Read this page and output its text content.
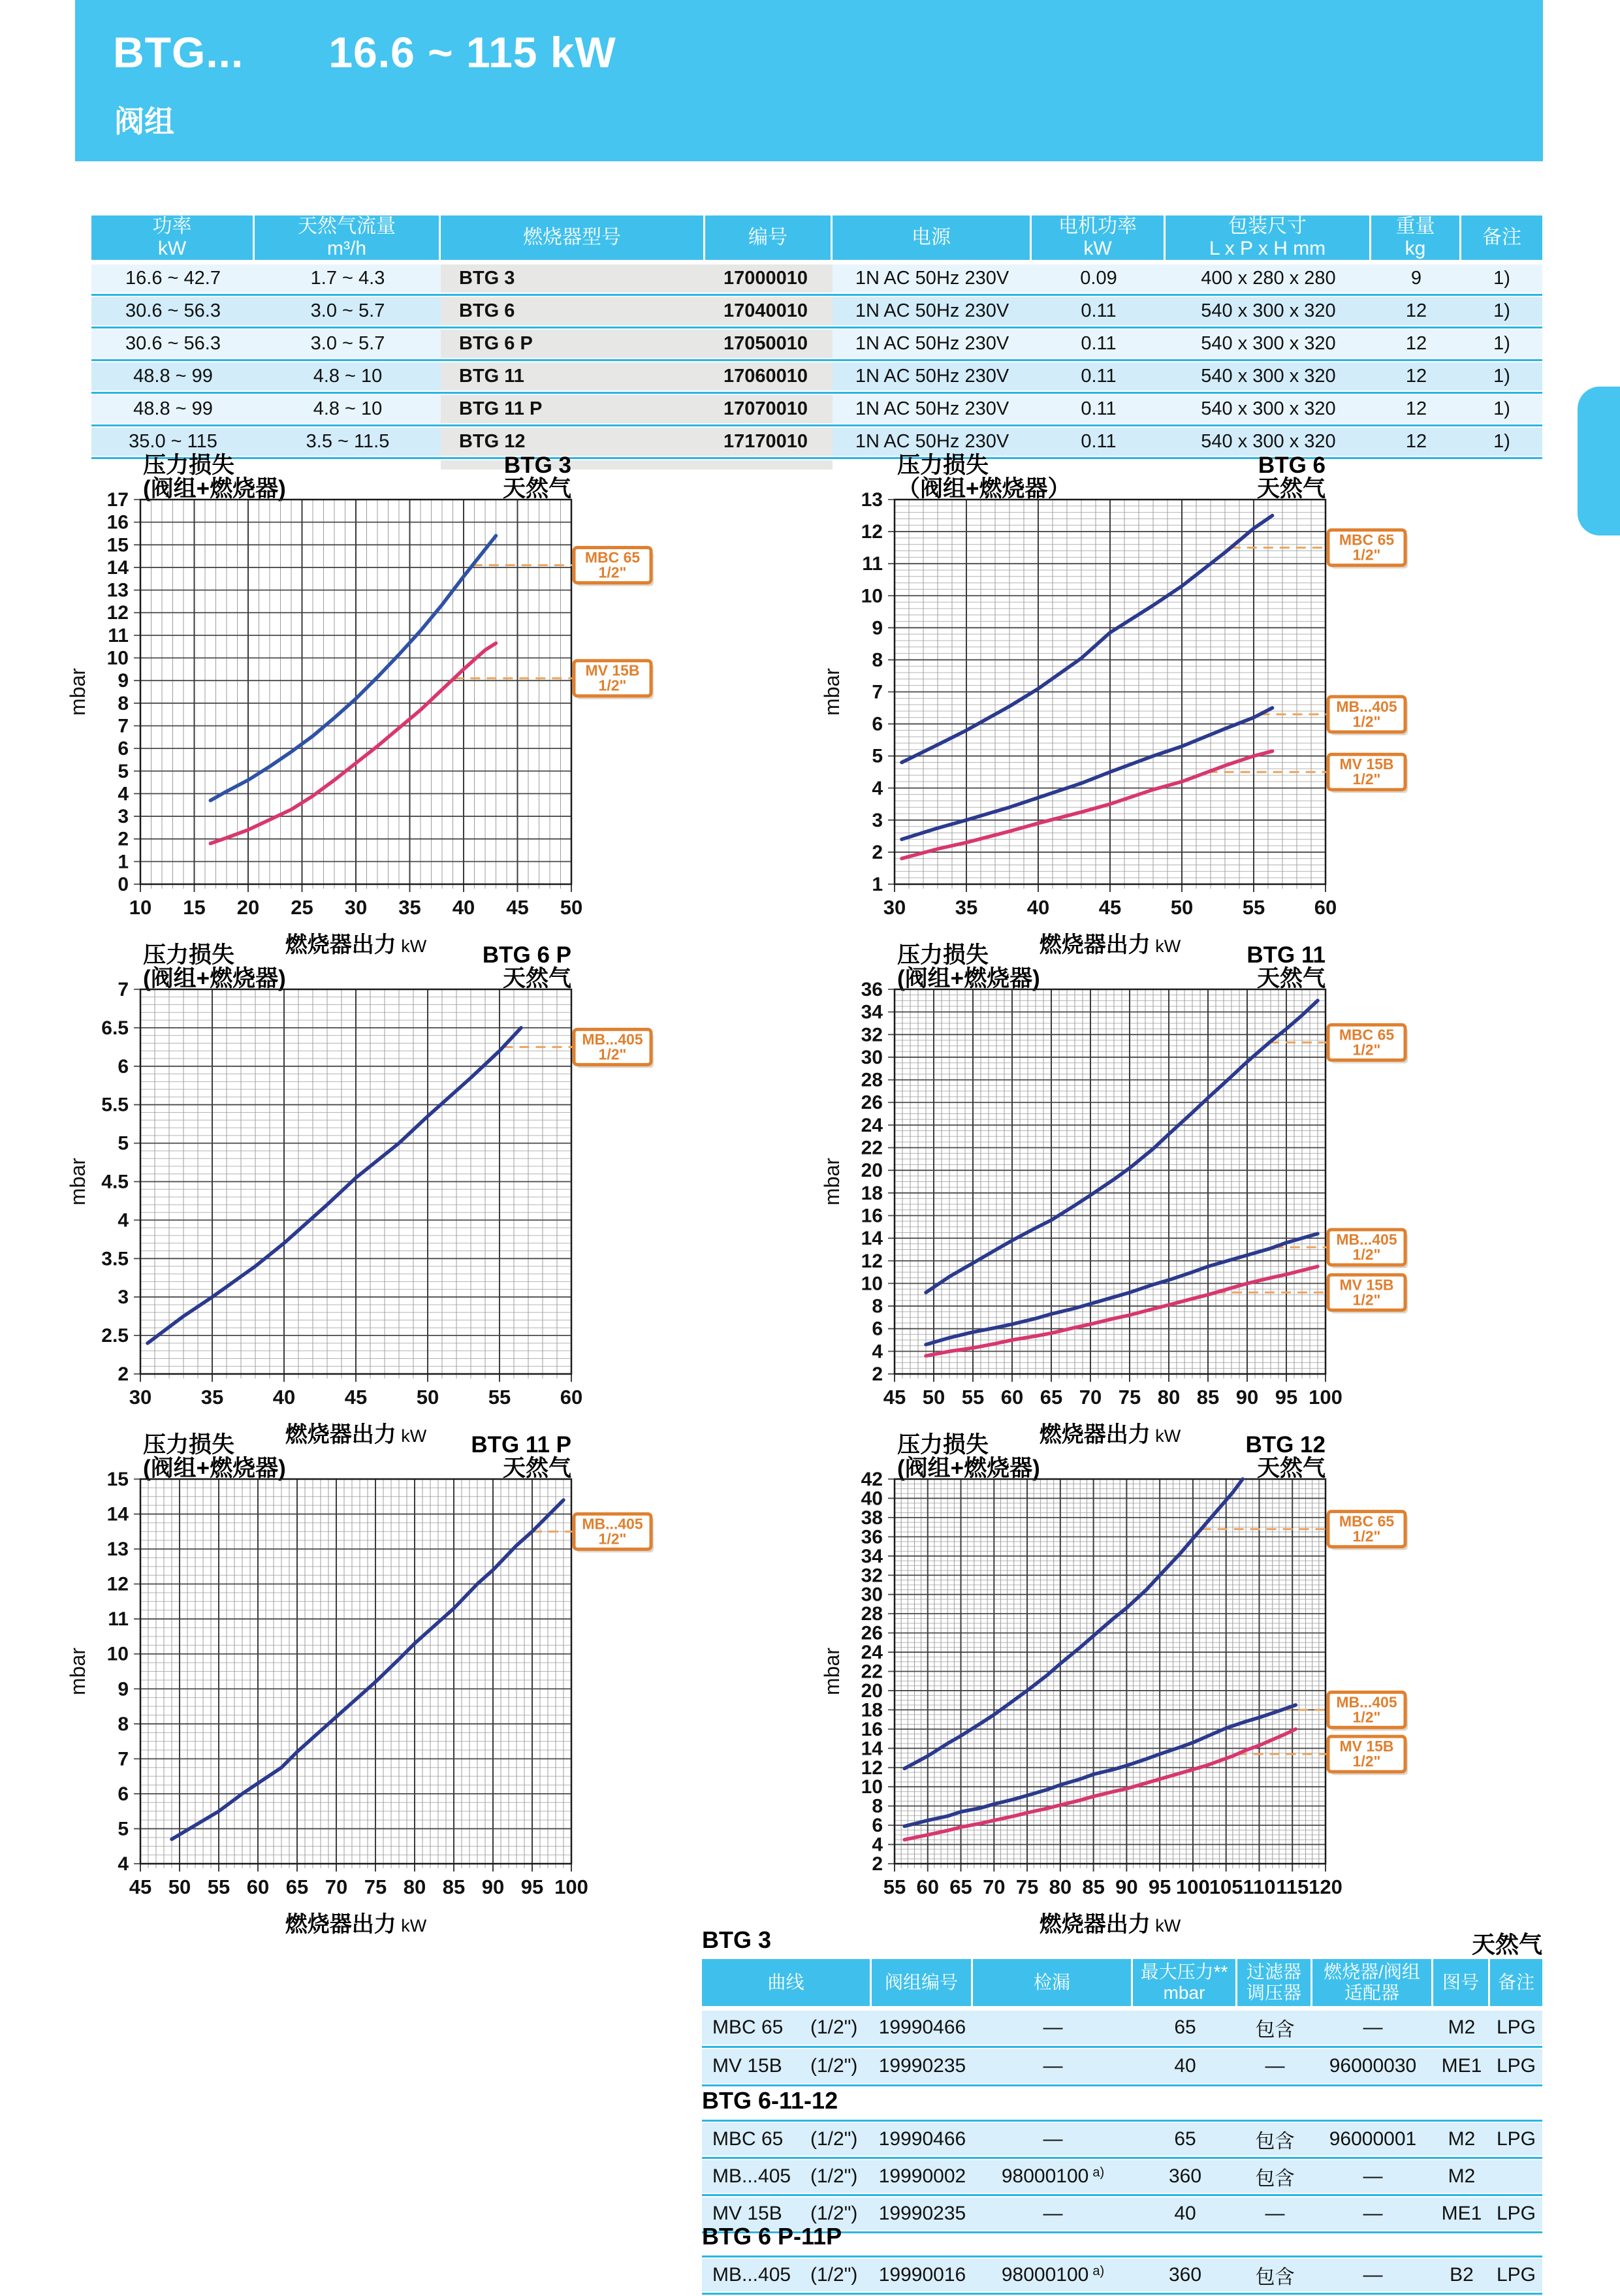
BTG... 16.6 ~ 115 kW
阀组
功率
kW
天然气流量
m³/h
燃烧器型号	编号	电源
电机功率
kW
包装尺寸
L x P x H mm
重量
kg
备注
16.6 ~ 42.7	1.7 ~ 4.3	BTG 3	17000010	1N AC 50Hz 230V	0.09	400 x 280 x 280	9	1)
30.6 ~ 56.3	3.0 ~ 5.7	BTG 6	17040010	1N AC 50Hz 230V	0.11	540 x 300 x 320	12	1)
30.6 ~ 56.3	3.0 ~ 5.7	BTG 6 P	17050010	1N AC 50Hz 230V	0.11	540 x 300 x 320	12	1)
48.8 ~ 99	4.8 ~ 10	BTG 11	17060010	1N AC 50Hz 230V	0.11	540 x 300 x 320	12	1)
48.8 ~ 99	4.8 ~ 10	BTG 11 P	17070010	1N AC 50Hz 230V	0.11	540 x 300 x 320	12	1)
35.0 ~ 115	3.5 ~ 11.5	BTG 12	17170010	1N AC 50Hz 230V	0.11	540 x 300 x 320	12	1)
压力损失
(阀组+燃烧器)
BTG 3
天然气
0
1
2
3
4
5
6
7
8
9
10
11
12
13
14
15
16
17
10 15 20 25 30 35 40 45 50
mbar
燃烧器出力 kW
MBC 65
1/2"
MV 15B
1/2"
压力损失
（阀组+燃烧器）
BTG 6
天然气
1
2
3
4
5
6
7
8
9
10
11
12
13
30 35 40 45 50 55 60
mbar
燃烧器出力 kW
MBC 65
1/2"
MB...405
1/2"
MV 15B
1/2"
压力损失
(阀组+燃烧器)
BTG 6 P
天然气
2
2.5
3
3.5
4
4.5
5
5.5
6
6.5
7
30 35 40 45 50 55 60
mbar
燃烧器出力 kW
MB...405
1/2"
压力损失
(阀组+燃烧器)
BTG 11
天然气
2
4
6
8
10
12
14
16
18
20
22
24
26
28
30
32
34
36
45 50 55 60 65 70 75 80 85 90 95 100
mbar
燃烧器出力 kW
MBC 65
1/2"
MB...405
1/2"
MV 15B
1/2"
压力损失
(阀组+燃烧器)
BTG 11 P
天然气
4
5
6
7
8
9
10
11
12
13
14
15
45 50 55 60 65 70 75 80 85 90 95 100
mbar
燃烧器出力 kW
MB...405
1/2"
压力损失
(阀组+燃烧器)
BTG 12
天然气
2
4
6
8
10
12
14
16
18
20
22
24
26
28
30
32
34
36
38
40
42
55 60 65 70 75 80 85 90 95 100 105 110 115 120
mbar
燃烧器出力 kW
MBC 65
1/2"
MB...405
1/2"
MV 15B
1/2"
BTG 3	天然气
曲线	阀组编号	检漏
最大压力**
mbar
过滤器
调压器
燃烧器/阀组
适配器
图号 备注
MBC 65	(1/2")	19990466	—	65	包含	—	M2	LPG
MV 15B	(1/2")	19990235	—	40	—	96000030	ME1 LPG
BTG 6-11-12
MBC 65	(1/2")	19990466	—	65	包含	96000001	M2	LPG
MB...405 (1/2")	19990002	98000100 $^{a)}$	360	包含	—	M2
MV 15B	(1/2")	19990235	—	40	—	—	ME1 LPG
BTG 6 P-11P
MB...405 (1/2")	19990016	98000100 $^{a)}$	360	包含	—	B2	LPG
